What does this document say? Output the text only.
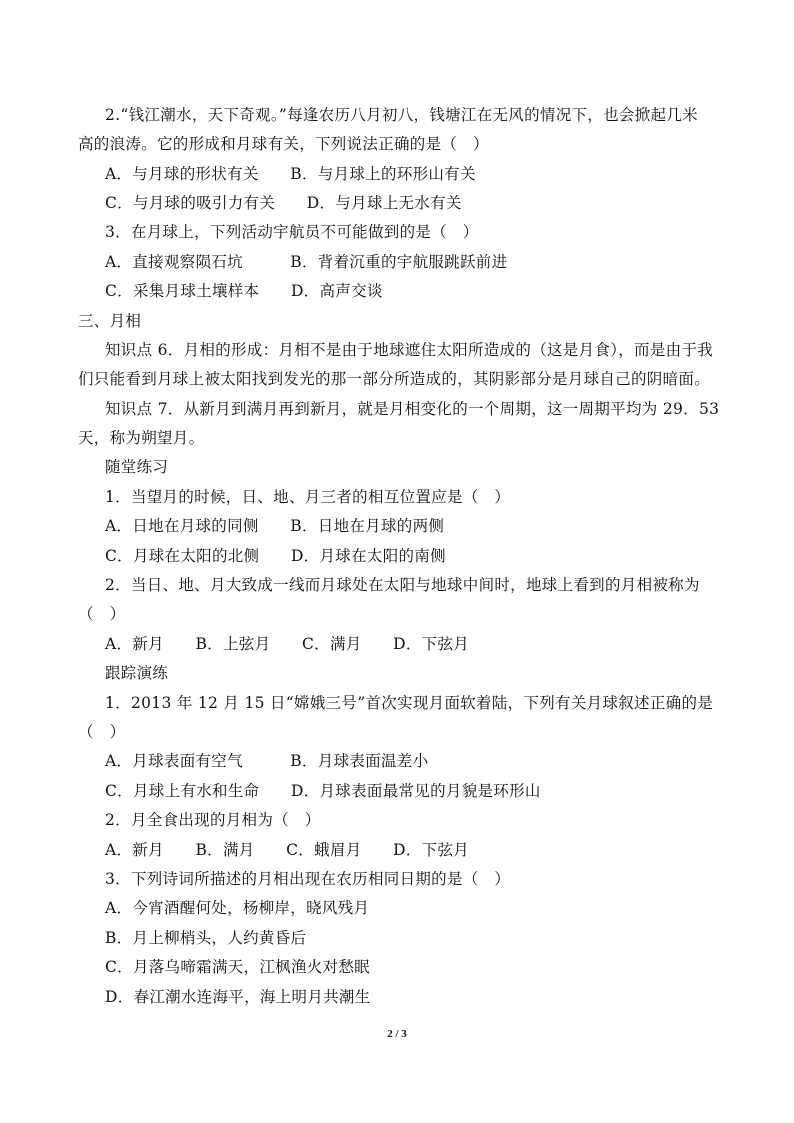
2.“钱江潮水，天下奇观。”每逢农历八月初八，钱塘江在无风的情况下，也会掀起几米
高的浪涛。它的形成和月球有关，下列说法正确的是（　）
A．与月球的形状有关　　B．与月球上的环形山有关
C．与月球的吸引力有关　　D．与月球上无水有关
3．在月球上，下列活动宇航员不可能做到的是（　）
A．直接观察陨石坑　　　B．背着沉重的宇航服跳跃前进
C．采集月球土壤样本　　D．高声交谈
三、月相
知识点 6．月相的形成：月相不是由于地球遮住太阳所造成的（这是月食），而是由于我
们只能看到月球上被太阳找到发光的那一部分所造成的，其阴影部分是月球自己的阴暗面。
知识点 7．从新月到满月再到新月，就是月相变化的一个周期，这一周期平均为 29．53
天，称为朔望月。
随堂练习
1．当望月的时候，日、地、月三者的相互位置应是（　）
A．日地在月球的同侧　　B．日地在月球的两侧
C．月球在太阳的北侧　　D．月球在太阳的南侧
2．当日、地、月大致成一线而月球处在太阳与地球中间时，地球上看到的月相被称为
（　）
A．新月　　B．上弦月　　C．满月　　D．下弦月
跟踪演练
1．2013 年 12 月 15 日“嫦娥三号”首次实现月面软着陆，下列有关月球叙述正确的是
（　）
A．月球表面有空气　　　B．月球表面温差小
C．月球上有水和生命　　D．月球表面最常见的月貌是环形山
2．月全食出现的月相为（　）
A．新月　　B．满月　　C．蛾眉月　　D．下弦月
3．下列诗词所描述的月相出现在农历相同日期的是（　）
A．今宵酒醒何处，杨柳岸，晓风残月
B．月上柳梢头，人约黄昏后
C．月落乌啼霜满天，江枫渔火对愁眠
D．春江潮水连海平，海上明月共潮生
2 / 3
